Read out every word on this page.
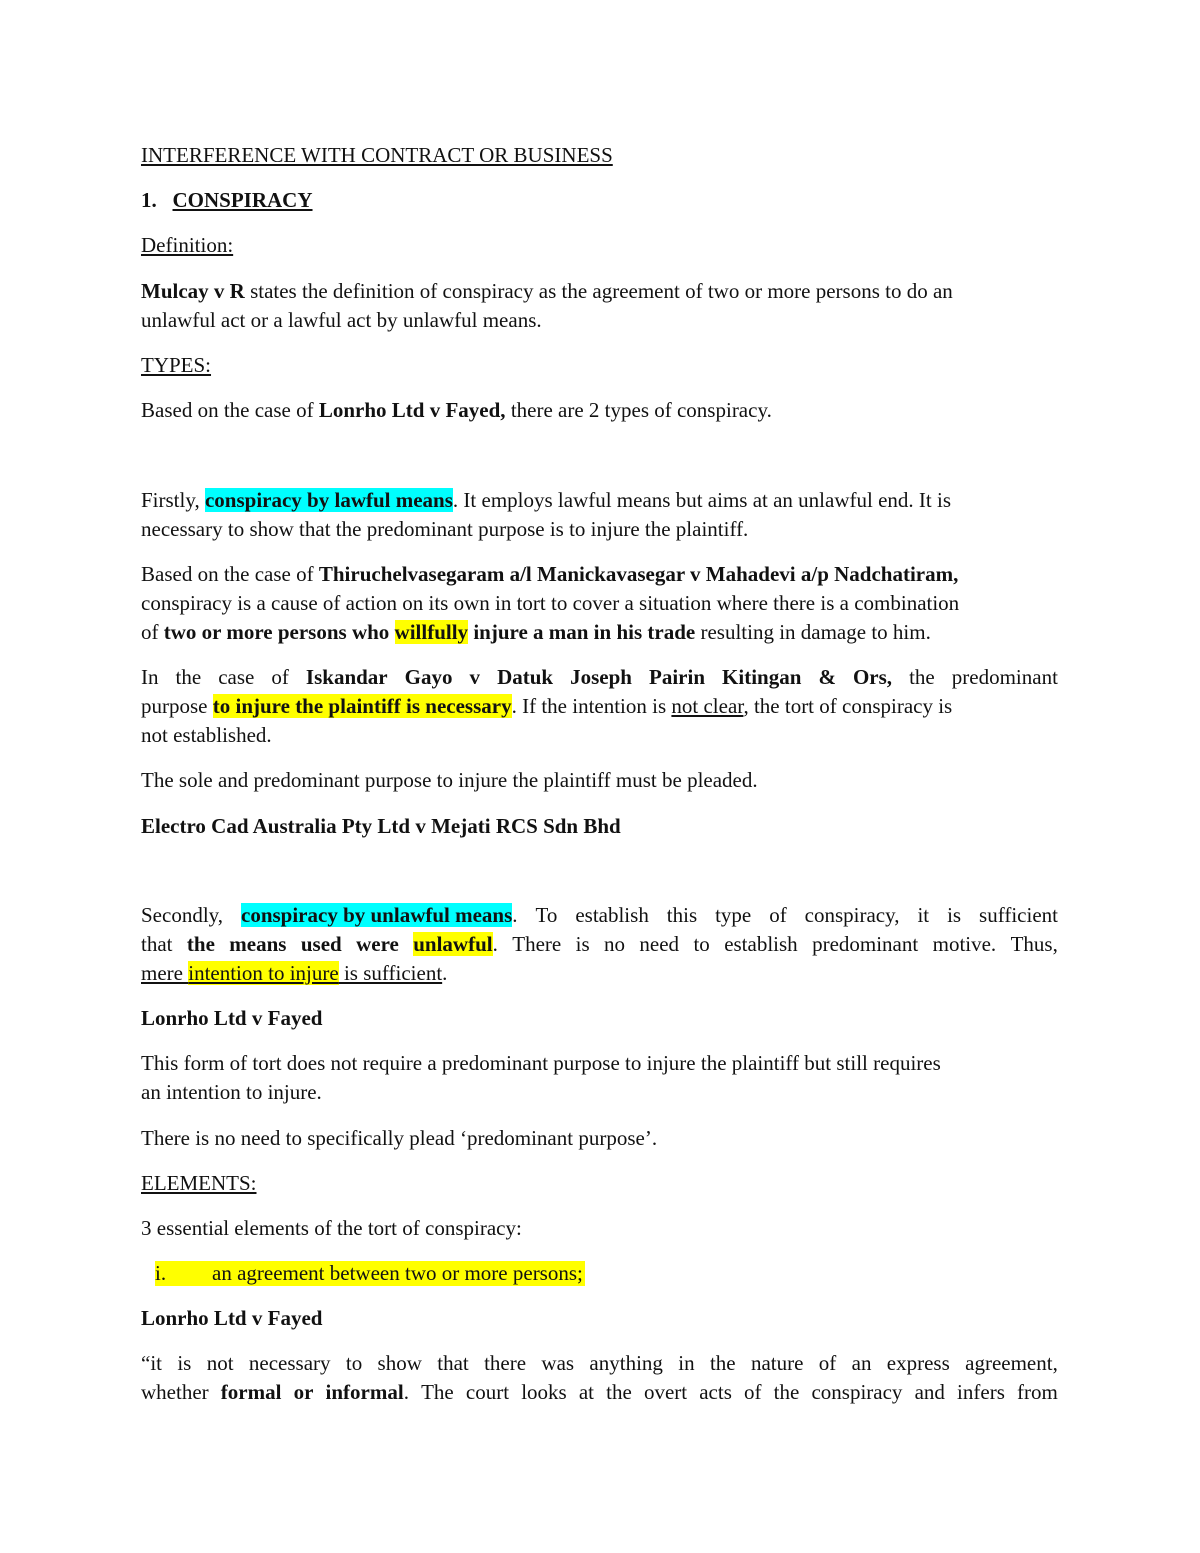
INTERFERENCE WITH CONTRACT OR BUSINESS
1. CONSPIRACY
Definition:
Mulcay v R states the definition of conspiracy as the agreement of two or more persons to do an
unlawful act or a lawful act by unlawful means.
TYPES:
Based on the case of Lonrho Ltd v Fayed, there are 2 types of conspiracy.
Firstly, conspiracy by lawful means. It employs lawful means but aims at an unlawful end. It is
necessary to show that the predominant purpose is to injure the plaintiff.
Based on the case of Thiruchelvasegaram a/l Manickavasegar v Mahadevi a/p Nadchatiram,
conspiracy is a cause of action on its own in tort to cover a situation where there is a combination
of two or more persons who willfully injure a man in his trade resulting in damage to him.
In the case of Iskandar Gayo v Datuk Joseph Pairin Kitingan & Ors, the predominant
purpose to injure the plaintiff is necessary. If the intention is not clear, the tort of conspiracy is
not established.
The sole and predominant purpose to injure the plaintiff must be pleaded.
Electro Cad Australia Pty Ltd v Mejati RCS Sdn Bhd
Secondly, conspiracy by unlawful means. To establish this type of conspiracy, it is sufficient
that the means used were unlawful. There is no need to establish predominant motive. Thus,
mere intention to injure is sufficient.
Lonrho Ltd v Fayed
This form of tort does not require a predominant purpose to injure the plaintiff but still requires
an intention to injure.
There is no need to specifically plead ‘predominant purpose’.
ELEMENTS:
3 essential elements of the tort of conspiracy:
i. an agreement between two or more persons;
Lonrho Ltd v Fayed
“it is not necessary to show that there was anything in the nature of an express agreement,
whether formal or informal. The court looks at the overt acts of the conspiracy and infers from
